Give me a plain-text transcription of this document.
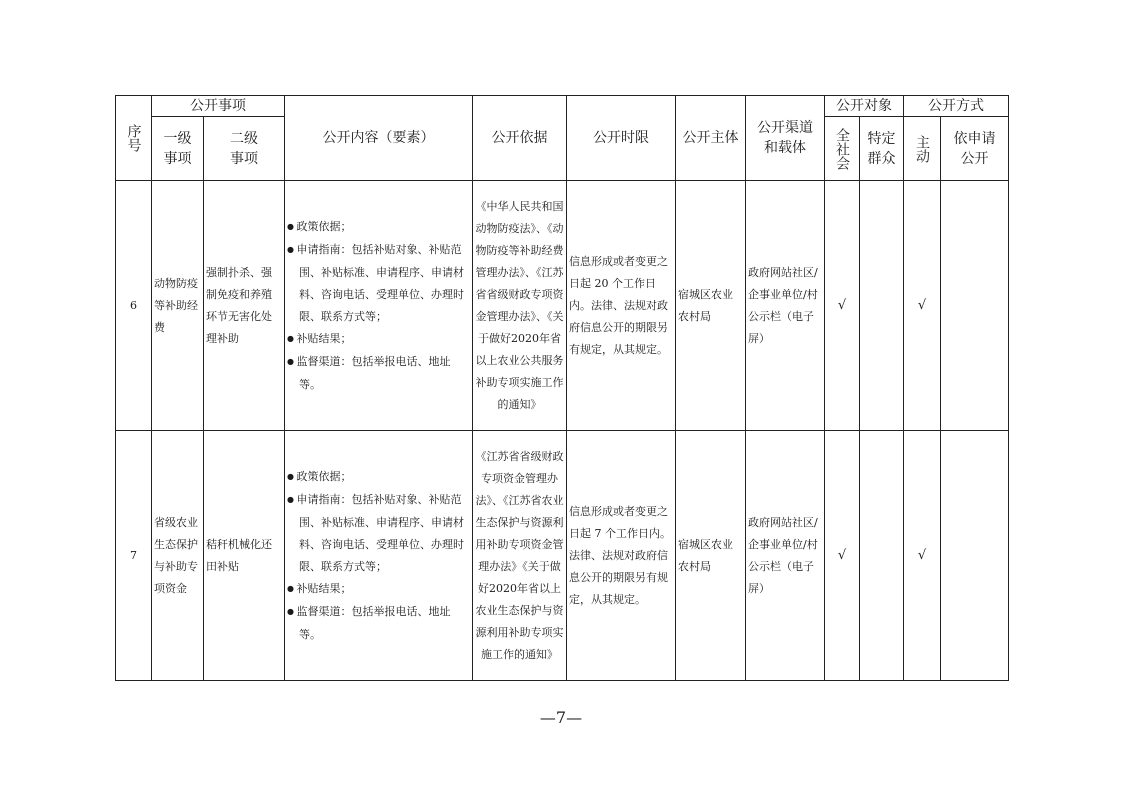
序号	公开事项		公开内容（要素）	公开依据	公开时限	公开主体	公开渠道和载体	公开对象		公开方式	
	一级事项	二级事项						全社会	特定群众	主动	依申请公开
6	动物防疫等补助经费	强制扑杀、强制免疫和养殖环节无害化处理补助	● 政策依据；
● 申请指南：包括补贴对象、补贴范围、补贴标准、申请程序、申请材料、咨询电话、受理单位、办理时限、联系方式等；
● 补贴结果；
● 监督渠道：包括举报电话、地址等。	《中华人民共和国动物防疫法》、《动物防疫等补助经费管理办法》、《江苏省省级财政专项资金管理办法》、《关于做好2020年省以上农业公共服务补助专项实施工作的通知》	信息形成或者变更之日起 20 个工作日内。法律、法规对政府信息公开的期限另有规定，从其规定。	宿城区农业农村局	政府网站社区/企事业单位/村公示栏（电子屏）	√		√	
7	省级农业生态保护与补助专项资金	秸秆机械化还田补贴	● 政策依据；
● 申请指南：包括补贴对象、补贴范围、补贴标准、申请程序、申请材料、咨询电话、受理单位、办理时限、联系方式等；
● 补贴结果；
● 监督渠道：包括举报电话、地址等。	《江苏省省级财政专项资金管理办法》、《江苏省农业生态保护与资源利用补助专项资金管理办法》《关于做好2020年省以上农业生态保护与资源利用补助专项实施工作的通知》	信息形成或者变更之日起 7 个工作日内。法律、法规对政府信息公开的期限另有规定，从其规定。	宿城区农业农村局	政府网站社区/企事业单位/村公示栏（电子屏）	√		√	
—7—
